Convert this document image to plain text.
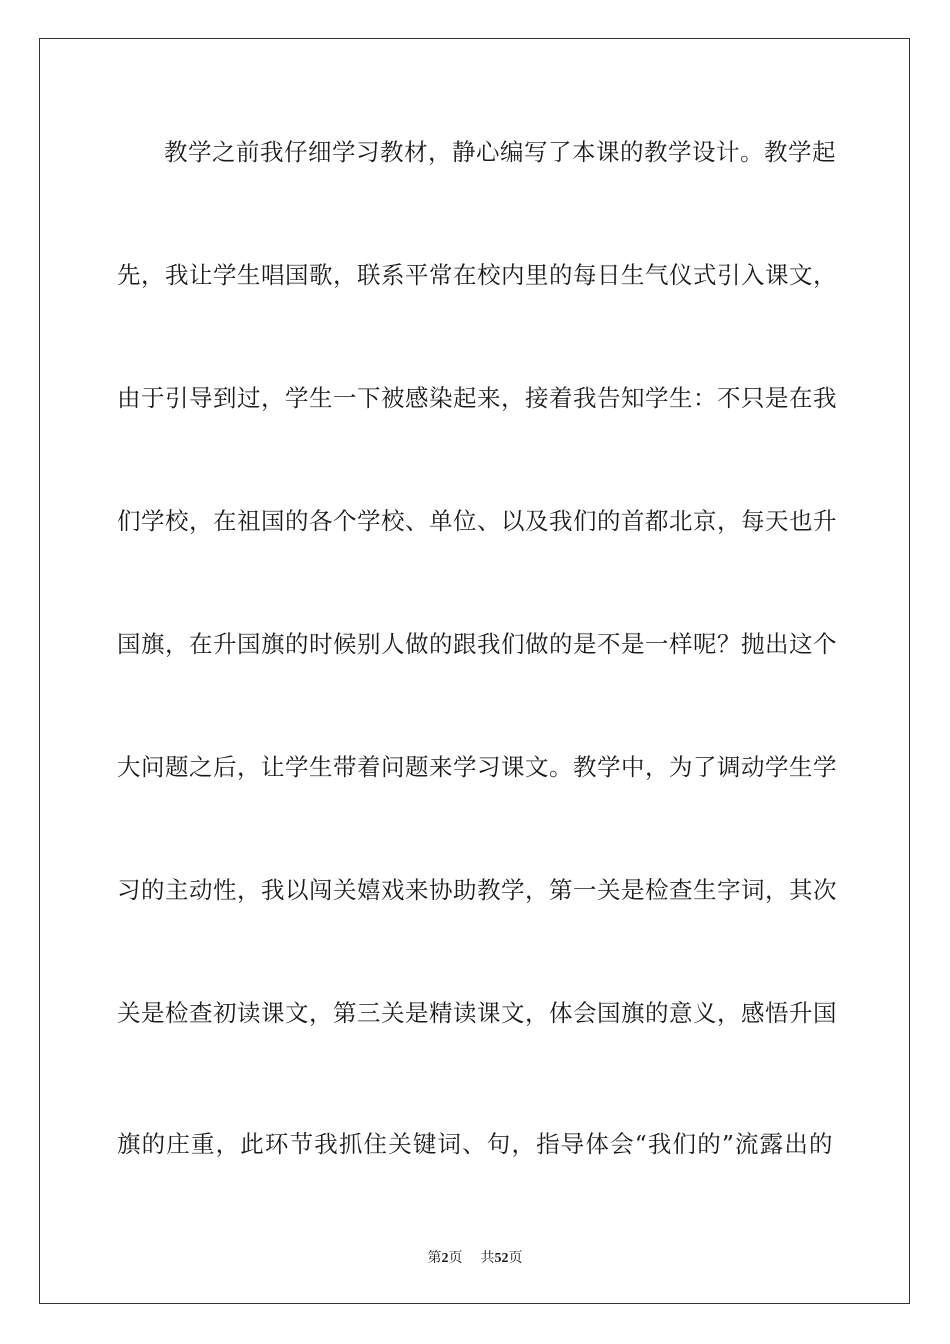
教学之前我仔细学习教材，静心编写了本课的教学设计。教学起
先，我让学生唱国歌，联系平常在校内里的每日生气仪式引入课文，
由于引导到过，学生一下被感染起来，接着我告知学生：不只是在我
们学校，在祖国的各个学校、单位、以及我们的首都北京，每天也升
国旗，在升国旗的时候别人做的跟我们做的是不是一样呢？抛出这个
大问题之后，让学生带着问题来学习课文。教学中，为了调动学生学
习的主动性，我以闯关嬉戏来协助教学，第一关是检查生字词，其次
关是检查初读课文，第三关是精读课文，体会国旗的意义，感悟升国
旗的庄重，此环节我抓住关键词、句，指导体会“我们的”流露出的
第2页 共52页
